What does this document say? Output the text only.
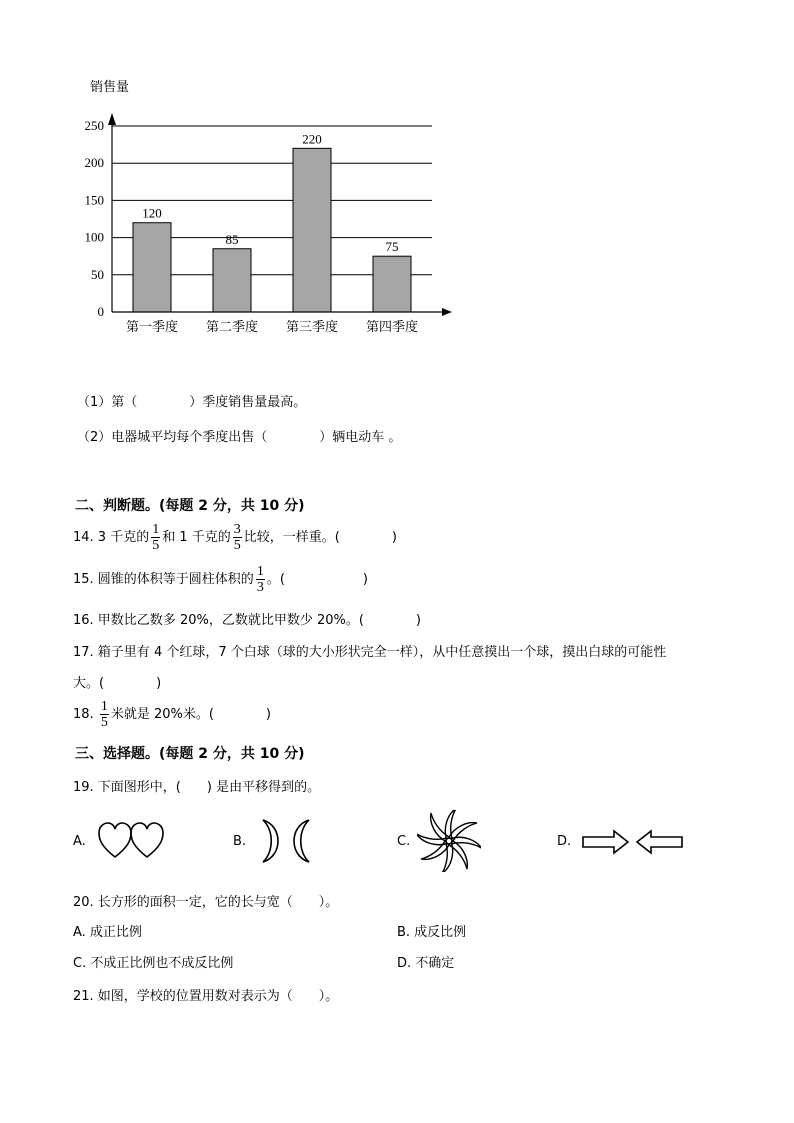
销售量
0
50
100
150
200
250
120
第一季度
85
第二季度
220
第三季度
75
第四季度
（1）第（　　　　）季度销售量最高。
（2）电器城平均每个季度出售（　　　　）辆电动车 。
二、判断题。(每题 2 分，共 10 分)
14. 3 千克的 $\frac{1}{5}$ 和 1 千克的 $\frac{3}{5}$ 比较，一样重。(　　　　)
15. 圆锥的体积等于圆柱体积的 $\frac{1}{3}$ 。(　　　　　　)
16. 甲数比乙数多 20%，乙数就比甲数少 20%。(　　　　)
17. 箱子里有 4 个红球，7 个白球（球的大小形状完全一样），从中任意摸出一个球，摸出白球的可能性
大。(　　　　)
18. $\frac{1}{5}$ 米就是 20%米。(　　　　)
三、选择题。(每题 2 分，共 10 分)
19. 下面图形中，(　　) 是由平移得到的。
A.	B.	C.	D.
20. 长方形的面积一定，它的长与宽（　　）。
A. 成正比例	B. 成反比例
C. 不成正比例也不成反比例	D. 不确定
21. 如图，学校的位置用数对表示为（　　）。
